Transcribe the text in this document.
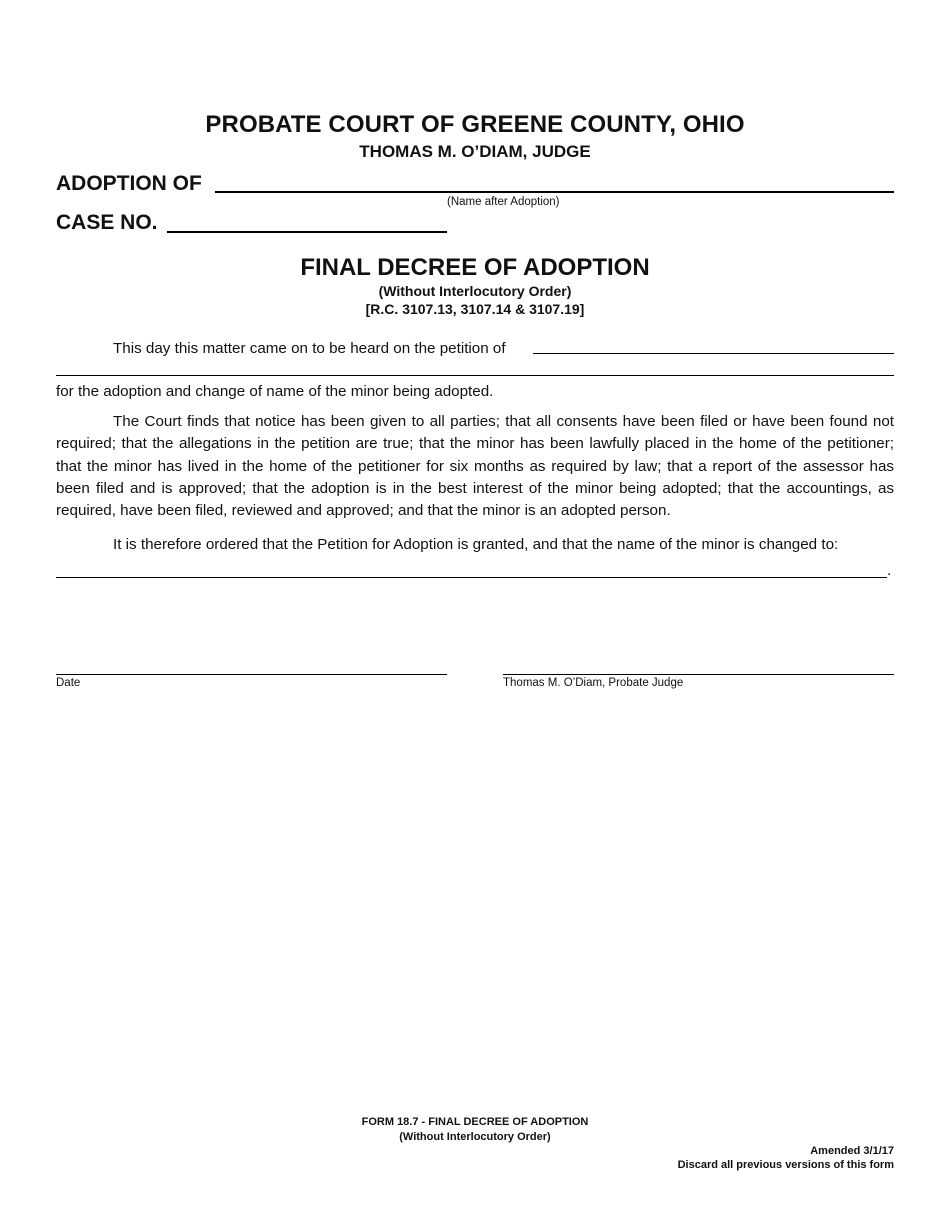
PROBATE COURT OF GREENE COUNTY, OHIO
THOMAS M. O’DIAM, JUDGE
ADOPTION OF
(Name after Adoption)
CASE NO.
FINAL DECREE OF ADOPTION
(Without Interlocutory Order)
[R.C. 3107.13, 3107.14 & 3107.19]
This day this matter came on to be heard on the petition of
for the adoption and change of name of the minor being adopted.
The Court finds that notice has been given to all parties; that all consents have been filed or have been found not required; that the allegations in the petition are true; that the minor has been lawfully placed in the home of the petitioner; that the minor has lived in the home of the petitioner for six months as required by law; that a report of the assessor has been filed and is approved; that the adoption is in the best interest of the minor being adopted; that the accountings, as required, have been filed, reviewed and approved; and that the minor is an adopted person.
It is therefore ordered that the Petition for Adoption is granted, and that the name of the minor is changed to:
.
Date	Thomas M. O’Diam, Probate Judge
FORM 18.7 - FINAL DECREE OF ADOPTION
(Without Interlocutory Order)
Amended 3/1/17
Discard all previous versions of this form
